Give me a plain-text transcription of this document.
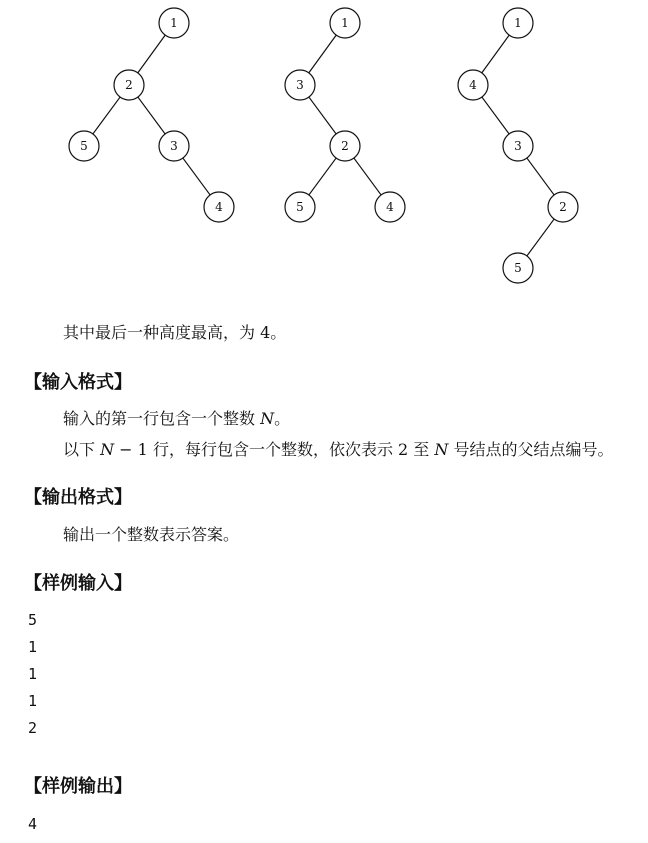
1
2
5	3
4
1
3
2
5	4
1
4
3
2
5
其中最后一种高度最高，为 4。
【输入格式】
输入的第一行包含一个整数 N。
以下 N − 1 行，每行包含一个整数，依次表示 2 至 N 号结点的父结点编号。
【输出格式】
输出一个整数表示答案。
【样例输入】
5
1
1
1
2
【样例输出】
4
